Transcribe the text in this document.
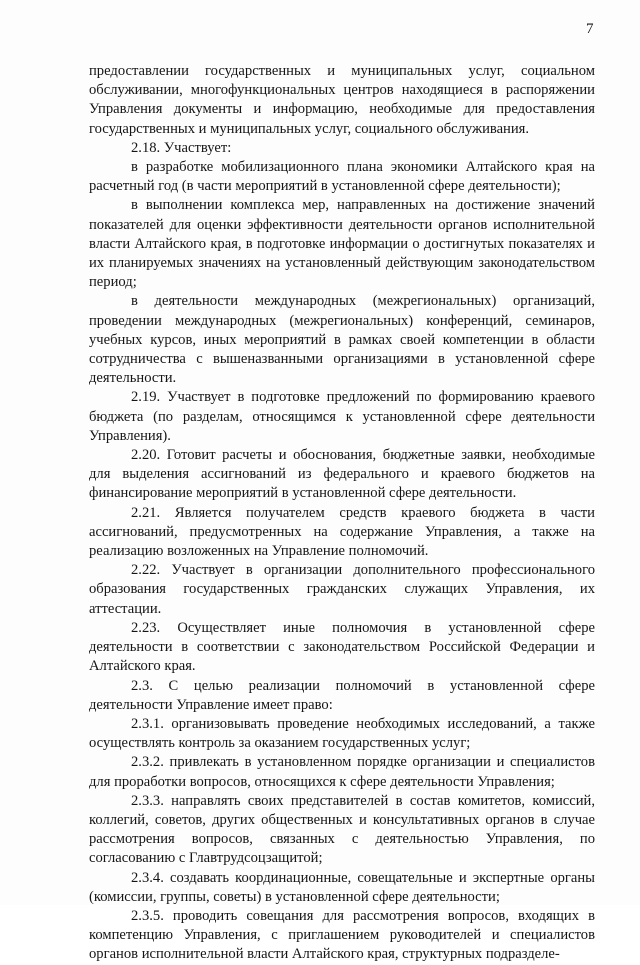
7

предоставлении государственных и муниципальных услуг, социальном обслуживании, многофункциональных центров находящиеся в распоряжении Управления документы и информацию, необходимые для предоставления государственных и муниципальных услуг, социального обслуживания.

2.18. Участвует:

в разработке мобилизационного плана экономики Алтайского края на расчетный год (в части мероприятий в установленной сфере деятельности);

в выполнении комплекса мер, направленных на достижение значений показателей для оценки эффективности деятельности органов исполнительной власти Алтайского края, в подготовке информации о достигнутых показателях и их планируемых значениях на установленный действующим законодательством период;

в деятельности международных (межрегиональных) организаций, проведении международных (межрегиональных) конференций, семинаров, учебных курсов, иных мероприятий в рамках своей компетенции в области сотрудничества с вышеназванными организациями в установленной сфере деятельности.

2.19. Участвует в подготовке предложений по формированию краевого бюджета (по разделам, относящимся к установленной сфере деятельности Управления).

2.20. Готовит расчеты и обоснования, бюджетные заявки, необходимые для выделения ассигнований из федерального и краевого бюджетов на финансирование мероприятий в установленной сфере деятельности.

2.21. Является получателем средств краевого бюджета в части ассигнований, предусмотренных на содержание Управления, а также на реализацию возложенных на Управление полномочий.

2.22. Участвует в организации дополнительного профессионального образования государственных гражданских служащих Управления, их аттестации.

2.23. Осуществляет иные полномочия в установленной сфере деятельности в соответствии с законодательством Российской Федерации и Алтайского края.

2.3. С целью реализации полномочий в установленной сфере деятельности Управление имеет право:

2.3.1. организовывать проведение необходимых исследований, а также осуществлять контроль за оказанием государственных услуг;

2.3.2. привлекать в установленном порядке организации и специалистов для проработки вопросов, относящихся к сфере деятельности Управления;

2.3.3. направлять своих представителей в состав комитетов, комиссий, коллегий, советов, других общественных и консультативных органов в случае рассмотрения вопросов, связанных с деятельностью Управления, по согласованию с Главтрудсоцзащитой;

2.3.4. создавать координационные, совещательные и экспертные органы (комиссии, группы, советы) в установленной сфере деятельности;

2.3.5. проводить совещания для рассмотрения вопросов, входящих в компетенцию Управления, с приглашением руководителей и специалистов органов исполнительной власти Алтайского края, структурных подразделе-
